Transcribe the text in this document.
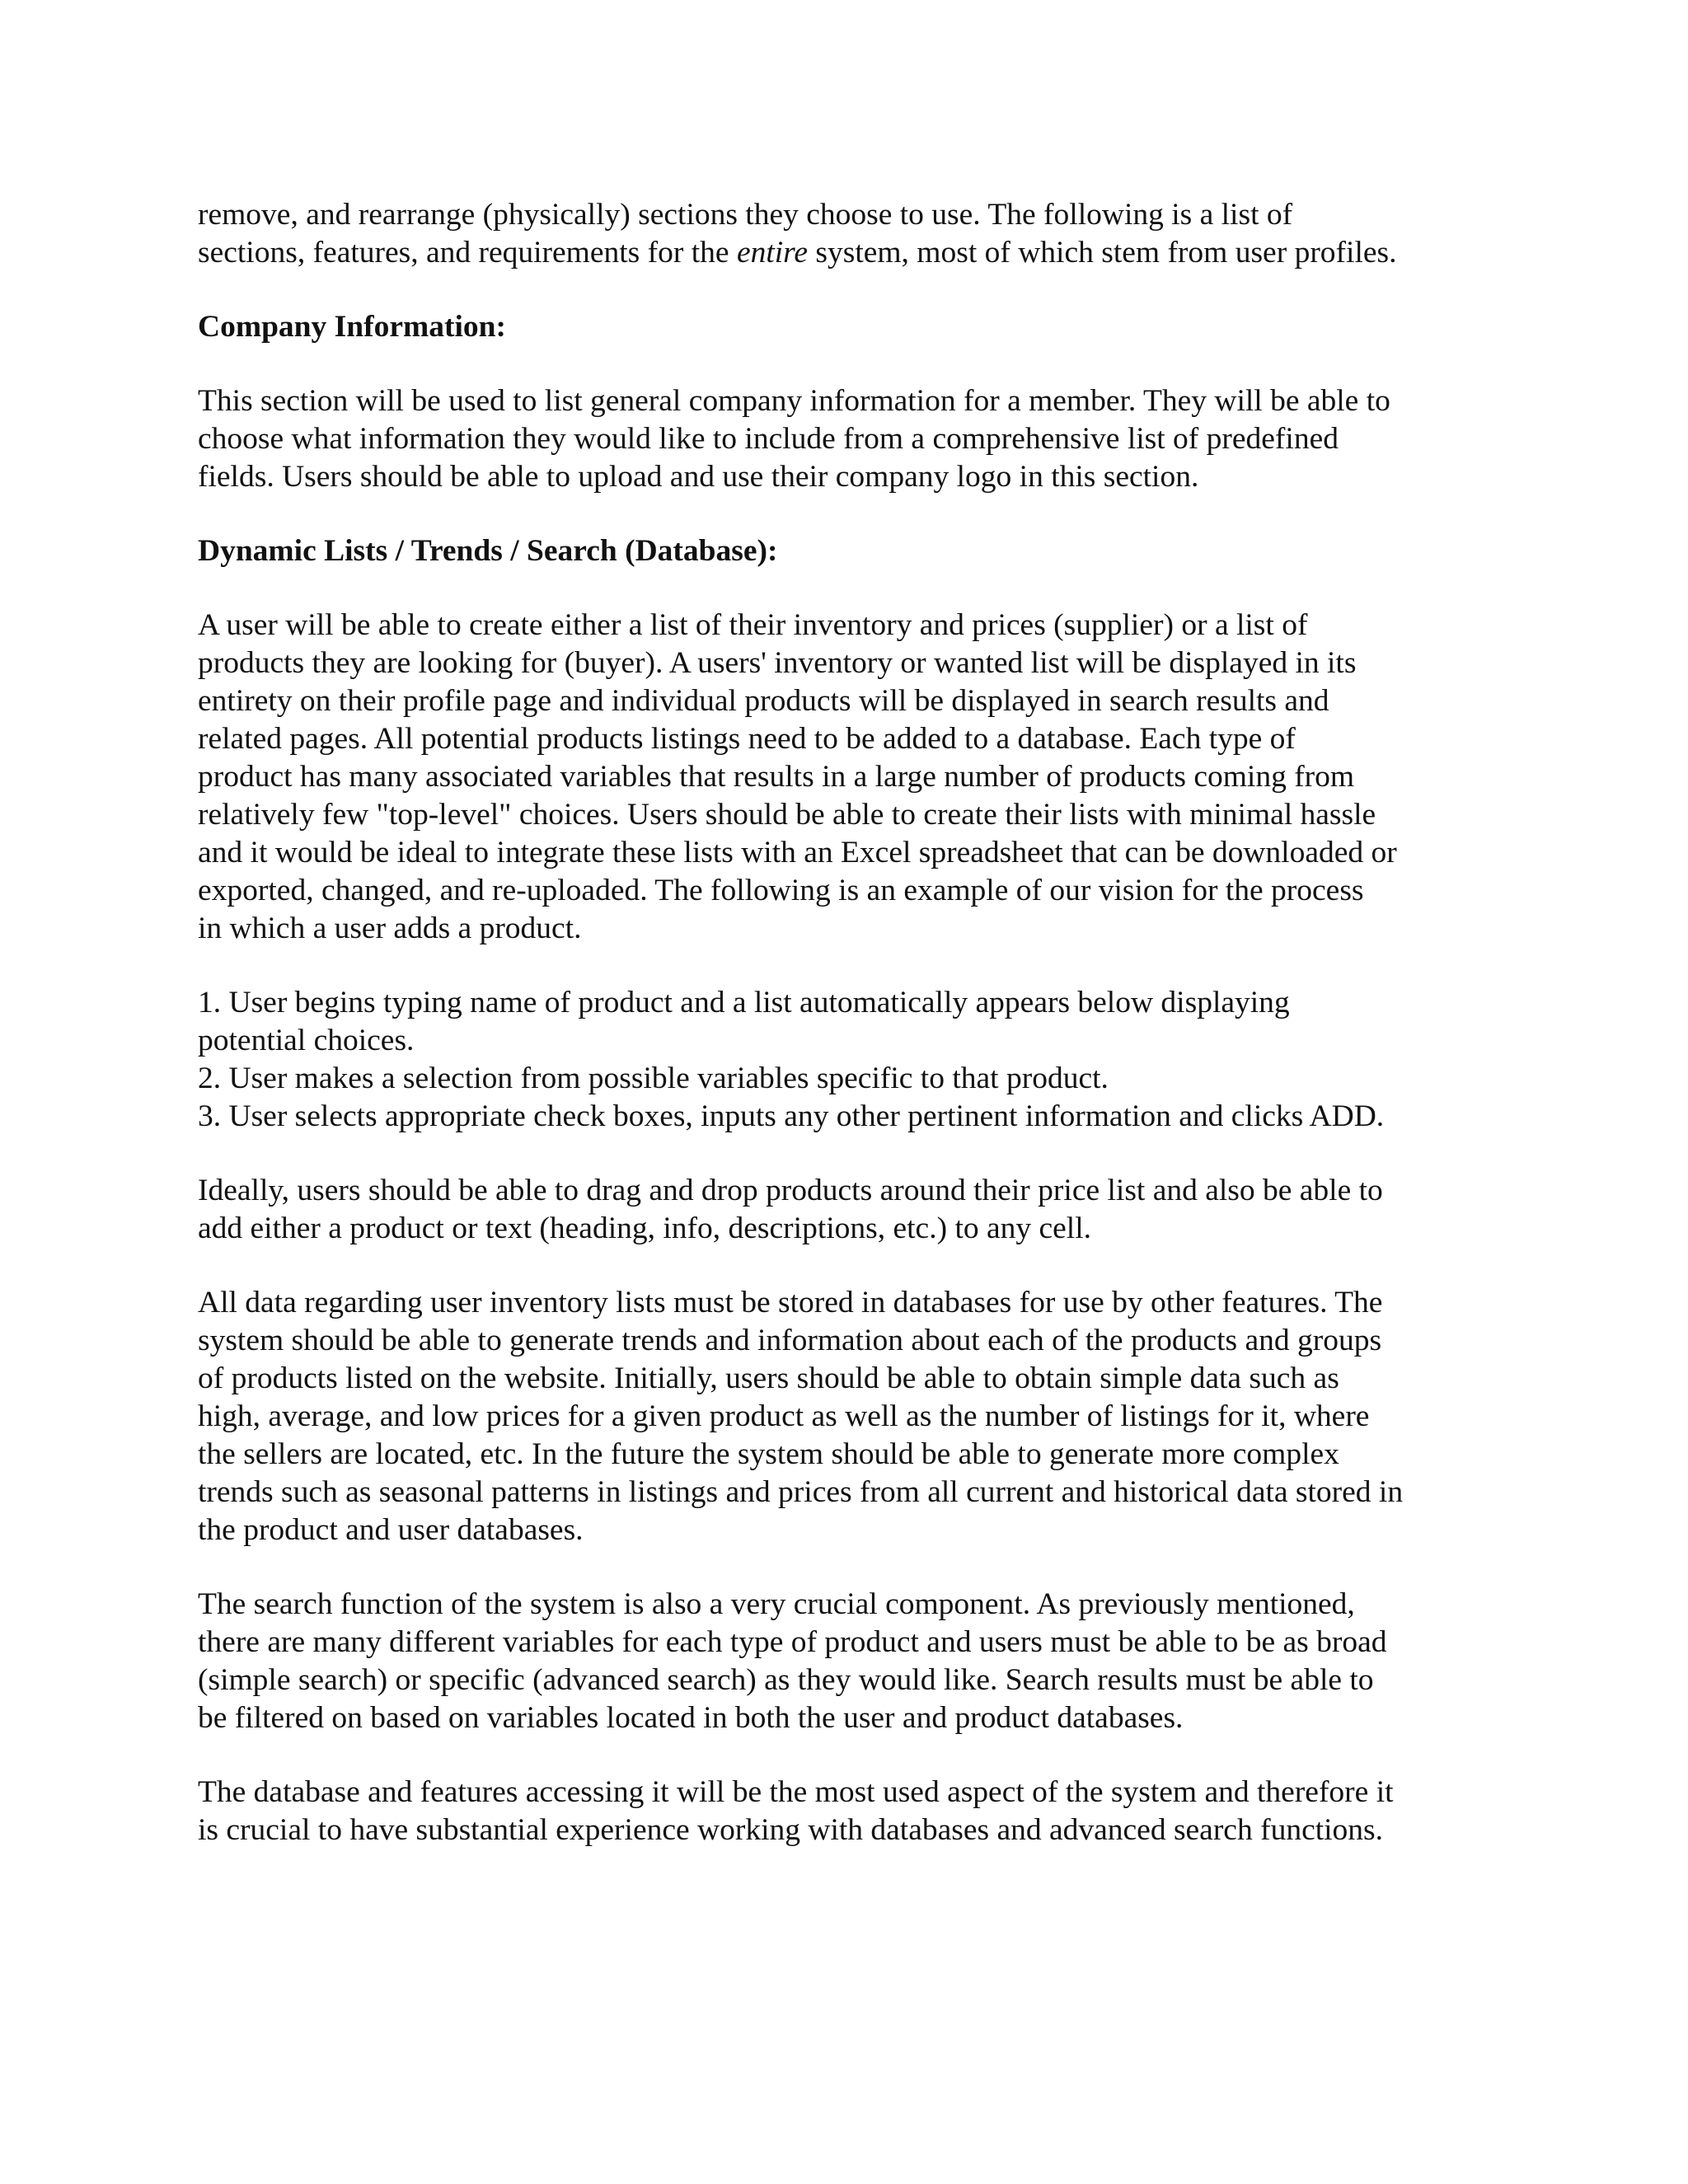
remove, and rearrange (physically) sections they choose to use. The following is a list of
sections, features, and requirements for the entire system, most of which stem from user profiles.

Company Information:

This section will be used to list general company information for a member. They will be able to
choose what information they would like to include from a comprehensive list of predefined
fields. Users should be able to upload and use their company logo in this section.

Dynamic Lists / Trends / Search (Database):

A user will be able to create either a list of their inventory and prices (supplier) or a list of
products they are looking for (buyer). A users' inventory or wanted list will be displayed in its
entirety on their profile page and individual products will be displayed in search results and
related pages. All potential products listings need to be added to a database. Each type of
product has many associated variables that results in a large number of products coming from
relatively few "top-level" choices. Users should be able to create their lists with minimal hassle
and it would be ideal to integrate these lists with an Excel spreadsheet that can be downloaded or
exported, changed, and re-uploaded. The following is an example of our vision for the process
in which a user adds a product.

1. User begins typing name of product and a list automatically appears below displaying
potential choices.
2. User makes a selection from possible variables specific to that product.
3. User selects appropriate check boxes, inputs any other pertinent information and clicks ADD.

Ideally, users should be able to drag and drop products around their price list and also be able to
add either a product or text (heading, info, descriptions, etc.) to any cell.

All data regarding user inventory lists must be stored in databases for use by other features. The
system should be able to generate trends and information about each of the products and groups
of products listed on the website. Initially, users should be able to obtain simple data such as
high, average, and low prices for a given product as well as the number of listings for it, where
the sellers are located, etc. In the future the system should be able to generate more complex
trends such as seasonal patterns in listings and prices from all current and historical data stored in
the product and user databases.

The search function of the system is also a very crucial component. As previously mentioned,
there are many different variables for each type of product and users must be able to be as broad
(simple search) or specific (advanced search) as they would like. Search results must be able to
be filtered on based on variables located in both the user and product databases.

The database and features accessing it will be the most used aspect of the system and therefore it
is crucial to have substantial experience working with databases and advanced search functions.
